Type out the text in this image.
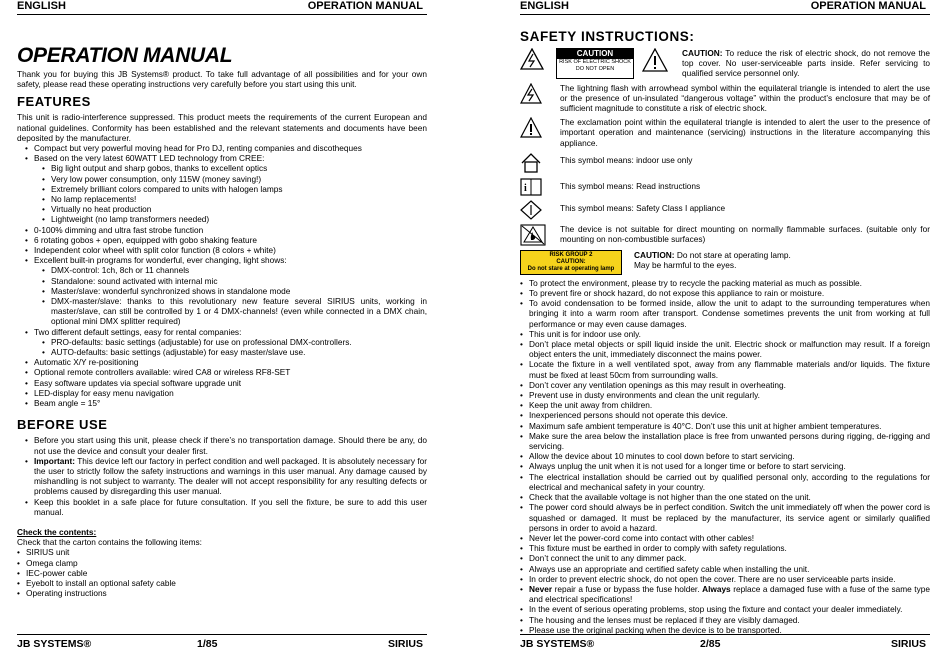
ENGLISH	OPERATION MANUAL
OPERATION MANUAL

Thank you for buying this JB Systems® product. To take full advantage of all possibilities and for your own safety, please read these operating instructions very carefully before you start using this unit.

FEATURES

This unit is radio-interference suppressed. This product meets the requirements of the current European and national guidelines. Conformity has been established and the relevant statements and documents have been deposited by the manufacturer.

• Compact but very powerful moving head for Pro DJ, renting companies and discotheques
• Based on the very latest 60WATT LED technology from CREE:
• Big light output and sharp gobos, thanks to excellent optics
• Very low power consumption, only 115W (money saving!)
• Extremely brilliant colors compared to units with halogen lamps
• No lamp replacements!
• Virtually no heat production
• Lightweight (no lamp transformers needed)
• 0-100% dimming and ultra fast strobe function
• 6 rotating gobos + open, equipped with gobo shaking feature
• Independent color wheel with split color function (8 colors + white)
• Excellent built-in programs for wonderful, ever changing, light shows:
• DMX-control: 1ch, 8ch or 11 channels
• Standalone: sound activated with internal mic
• Master/slave: wonderful synchronized shows in standalone mode
• DMX-master/slave: thanks to this revolutionary new feature several SIRIUS units, working in master/slave, can still be controlled by 1 or 4 DMX-channels! (even while connected in a DMX chain, optional mini DMX splitter required)
• Two different default settings, easy for rental companies:
• PRO-defaults: basic settings (adjustable) for use on professional DMX-controllers.
• AUTO-defaults: basic settings (adjustable) for easy master/slave use.
• Automatic X/Y re-positioning
• Optional remote controllers available: wired CA8 or wireless RF8-SET
• Easy software updates via special software upgrade unit
• LED-display for easy menu navigation
• Beam angle = 15°
BEFORE USE
• Before you start using this unit, please check if there’s no transportation damage. Should there be any, do not use the device and consult your dealer first.
• Important: This device left our factory in perfect condition and well packaged. It is absolutely necessary for the user to strictly follow the safety instructions and warnings in this user manual. Any damage caused by mishandling is not subject to warranty. The dealer will not accept responsibility for any resulting defects or problems caused by disregarding this user manual.
• Keep this booklet in a safe place for future consultation. If you sell the fixture, be sure to add this user manual.

Check the contents:

Check that the carton contains the following items:

• SIRIUS unit
• Omega clamp
• IEC-power cable
• Eyebolt to install an optional safety cable
• Operating instructions
JB SYSTEMS®	1/85	SIRIUS
ENGLISH	OPERATION MANUAL
SAFETY INSTRUCTIONS:
CAUTION
RISK OF ELECTRIC SHOCK
DO NOT OPEN

CAUTION: To reduce the risk of electric shock, do not remove the top cover. No user-serviceable parts inside. Refer servicing to qualified service personnel only.

The lightning flash with arrowhead symbol within the equilateral triangle is intended to alert the use or the presence of un-insulated “dangerous voltage” within the product’s enclosure that may be of sufficient magnitude to constitute a risk of electric shock.
The exclamation point within the equilateral triangle is intended to alert the user to the presence of important operation and maintenance (servicing) instructions in the literature accompanying this appliance.
This symbol means: indoor use only
i	This symbol means: Read instructions
This symbol means: Safety Class I appliance
The device is not suitable for direct mounting on normally flammable surfaces. (suitable only for mounting on non-combustible surfaces)
RISK GROUP 2
CAUTION:
Do not stare at operating lamp
CAUTION: Do not stare at operating lamp.
May be harmful to the eyes.
• To protect the environment, please try to recycle the packing material as much as possible.
• To prevent fire or shock hazard, do not expose this appliance to rain or moisture.
• To avoid condensation to be formed inside, allow the unit to adapt to the surrounding temperatures when bringing it into a warm room after transport. Condense sometimes prevents the unit from working at full performance or may even cause damages.
• This unit is for indoor use only.
• Don’t place metal objects or spill liquid inside the unit. Electric shock or malfunction may result. If a foreign object enters the unit, immediately disconnect the mains power.
• Locate the fixture in a well ventilated spot, away from any flammable materials and/or liquids. The fixture must be fixed at least 50cm from surrounding walls.
• Don’t cover any ventilation openings as this may result in overheating.
• Prevent use in dusty environments and clean the unit regularly.
• Keep the unit away from children.
• Inexperienced persons should not operate this device.
• Maximum safe ambient temperature is 40°C. Don’t use this unit at higher ambient temperatures.
• Make sure the area below the installation place is free from unwanted persons during rigging, de-rigging and servicing.
• Allow the device about 10 minutes to cool down before to start servicing.
• Always unplug the unit when it is not used for a longer time or before to start servicing.
• The electrical installation should be carried out by qualified personal only, according to the regulations for electrical and mechanical safety in your country.
• Check that the available voltage is not higher than the one stated on the unit.
• The power cord should always be in perfect condition. Switch the unit immediately off when the power cord is squashed or damaged. It must be replaced by the manufacturer, its service agent or similarly qualified persons in order to avoid a hazard.
• Never let the power-cord come into contact with other cables!
• This fixture must be earthed in order to comply with safety regulations.
• Don’t connect the unit to any dimmer pack.
• Always use an appropriate and certified safety cable when installing the unit.
• In order to prevent electric shock, do not open the cover. There are no user serviceable parts inside.
• Never repair a fuse or bypass the fuse holder. Always replace a damaged fuse with a fuse of the same type and electrical specifications!
• In the event of serious operating problems, stop using the fixture and contact your dealer immediately.
• The housing and the lenses must be replaced if they are visibly damaged.
• Please use the original packing when the device is to be transported.
JB SYSTEMS®	2/85	SIRIUS
